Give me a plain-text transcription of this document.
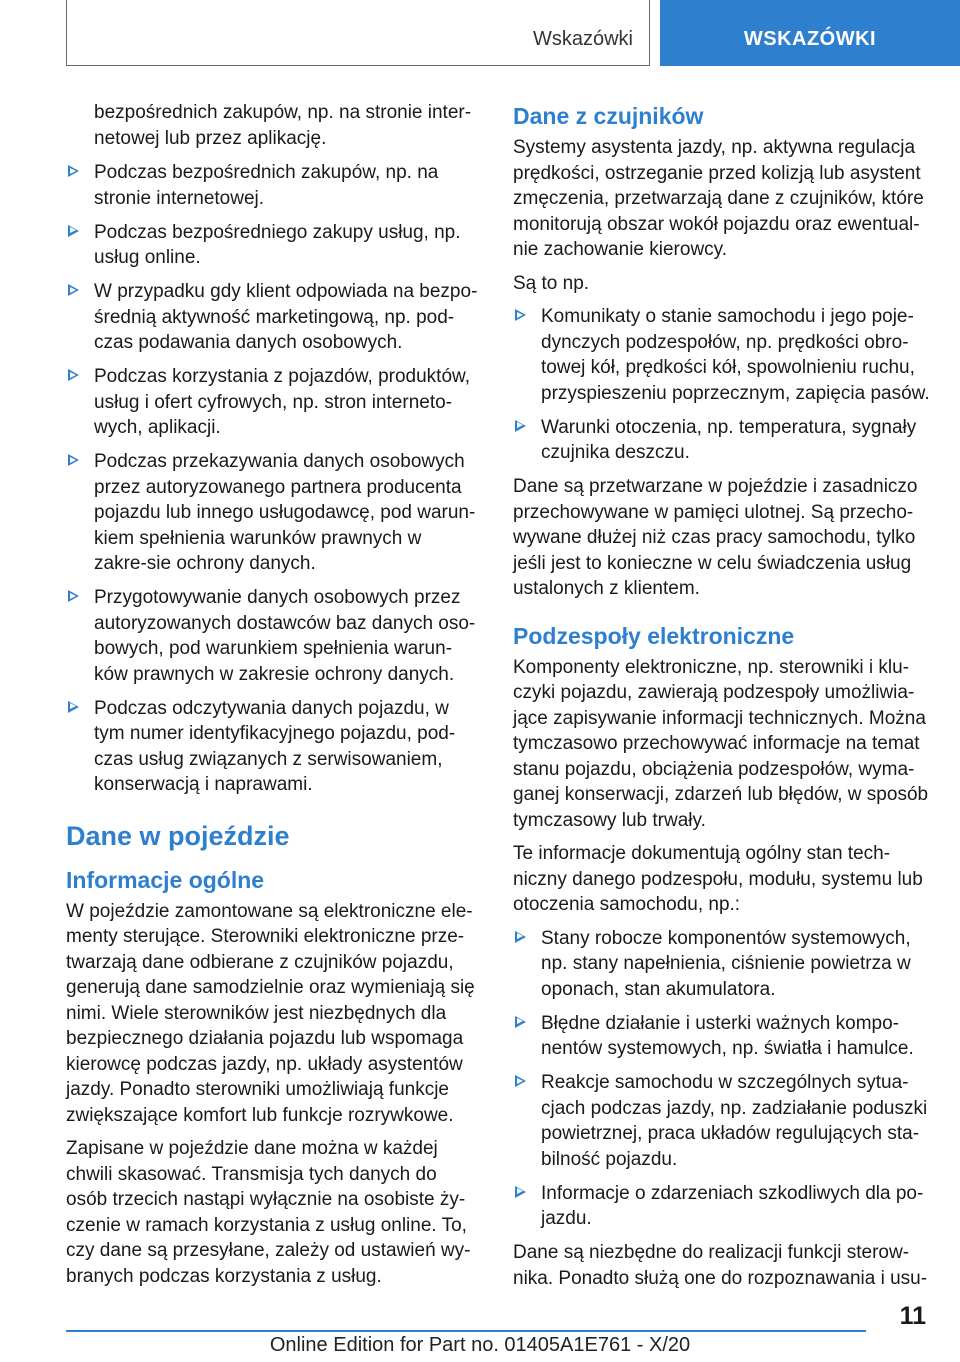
Wskazówki	WSKAZÓWKI

bezpośrednich zakupów, np. na stronie inter-netowej lub przez aplikację.

Podczas bezpośrednich zakupów, np. na stronie internetowej.
Podczas bezpośredniego zakupy usług, np. usług online.
W przypadku gdy klient odpowiada na bezpo-średnią aktywność marketingową, np. pod-czas podawania danych osobowych.
Podczas korzystania z pojazdów, produktów, usług i ofert cyfrowych, np. stron interneto-wych, aplikacji.
Podczas przekazywania danych osobowych przez autoryzowanego partnera producenta pojazdu lub innego usługodawcę, pod warun-kiem spełnienia warunków prawnych w zakre-sie ochrony danych.
Przygotowywanie danych osobowych przez autoryzowanych dostawców baz danych oso-bowych, pod warunkiem spełnienia warun-ków prawnych w zakresie ochrony danych.
Podczas odczytywania danych pojazdu, w tym numer identyfikacyjnego pojazdu, pod-czas usług związanych z serwisowaniem, konserwacją i naprawami.
Dane w pojeździe
Informacje ogólne

W pojeździe zamontowane są elektroniczne ele-menty sterujące. Sterowniki elektroniczne prze-twarzają dane odbierane z czujników pojazdu, generują dane samodzielnie oraz wymieniają się nimi. Wiele sterowników jest niezbędnych dla bezpiecznego działania pojazdu lub wspomaga kierowcę podczas jazdy, np. układy asystentów jazdy. Ponadto sterowniki umożliwiają funkcje zwiększające komfort lub funkcje rozrywkowe.

Zapisane w pojeździe dane można w każdej chwili skasować. Transmisja tych danych do osób trzecich nastąpi wyłącznie na osobiste ży-czenie w ramach korzystania z usług online. To, czy dane są przesyłane, zależy od ustawień wy-branych podczas korzystania z usług.

Dane z czujników

Systemy asystenta jazdy, np. aktywna regulacja prędkości, ostrzeganie przed kolizją lub asystent zmęczenia, przetwarzają dane z czujników, które monitorują obszar wokół pojazdu oraz ewentual-nie zachowanie kierowcy.

Są to np.

Komunikaty o stanie samochodu i jego poje-dynczych podzespołów, np. prędkości obro-towej kół, prędkości kół, spowolnieniu ruchu, przyspieszeniu poprzecznym, zapięcia pasów.
Warunki otoczenia, np. temperatura, sygnały czujnika deszczu.

Dane są przetwarzane w pojeździe i zasadniczo przechowywane w pamięci ulotnej. Są przecho-wywane dłużej niż czas pracy samochodu, tylko jeśli jest to konieczne w celu świadczenia usług ustalonych z klientem.

Podzespoły elektroniczne

Komponenty elektroniczne, np. sterowniki i klu-czyki pojazdu, zawierają podzespoły umożliwia-jące zapisywanie informacji technicznych. Można tymczasowo przechowywać informacje na temat stanu pojazdu, obciążenia podzespołów, wyma-ganej konserwacji, zdarzeń lub błędów, w sposób tymczasowy lub trwały.

Te informacje dokumentują ogólny stan tech-niczny danego podzespołu, modułu, systemu lub otoczenia samochodu, np.:

Stany robocze komponentów systemowych, np. stany napełnienia, ciśnienie powietrza w oponach, stan akumulatora.
Błędne działanie i usterki ważnych kompo-nentów systemowych, np. światła i hamulce.
Reakcje samochodu w szczególnych sytua-cjach podczas jazdy, np. zadziałanie poduszki powietrznej, praca układów regulujących sta-bilność pojazdu.
Informacje o zdarzeniach szkodliwych dla po-jazdu.

Dane są niezbędne do realizacji funkcji sterow-nika. Ponadto służą one do rozpoznawania i usu-

11
Online Edition for Part no. 01405A1E761 - X/20
